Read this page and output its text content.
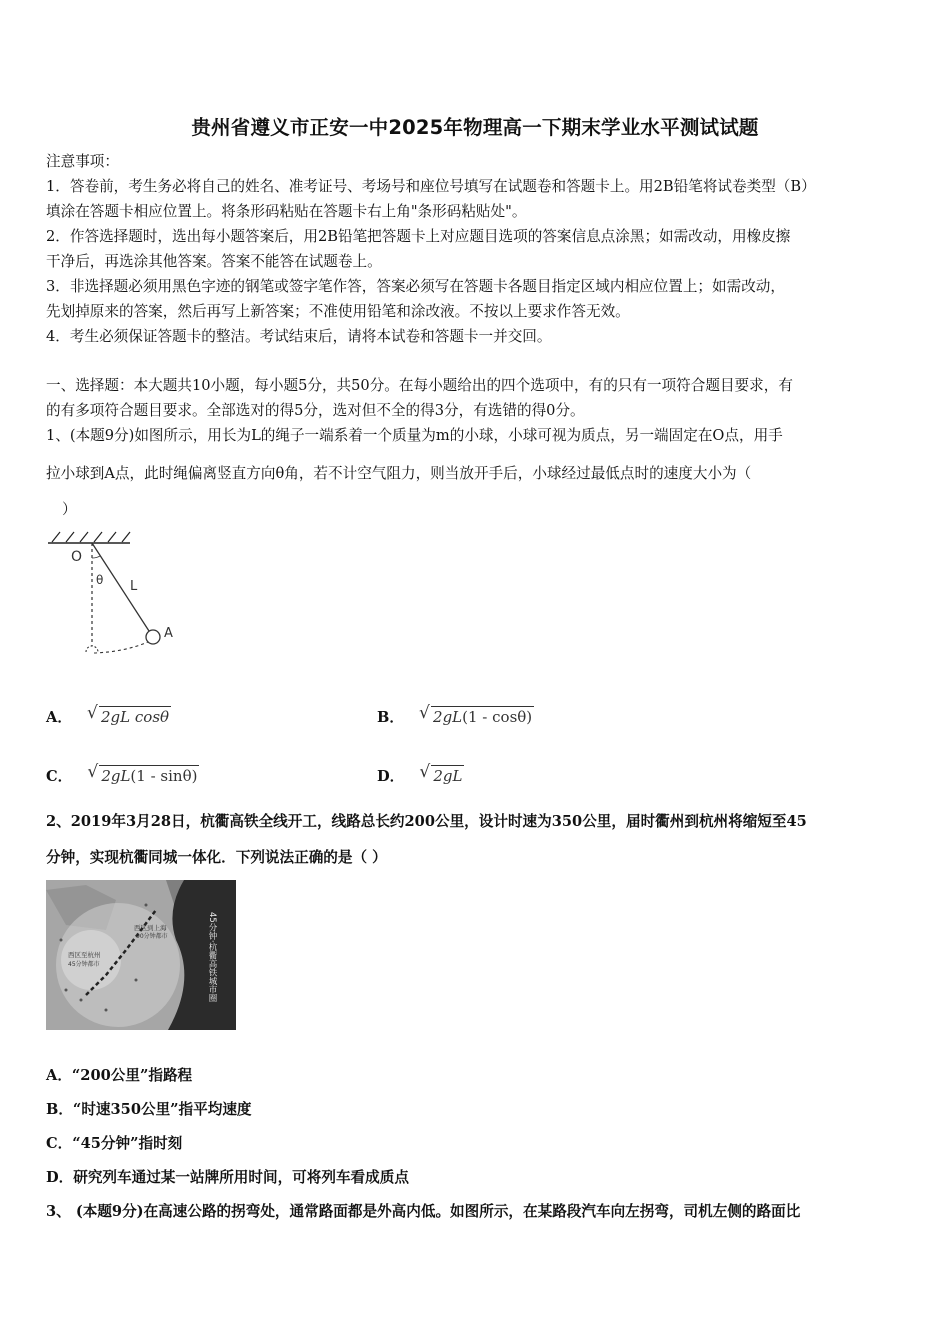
贵州省遵义市正安一中2025年物理高一下期末学业水平测试试题
注意事项：
1．答卷前，考生务必将自己的姓名、准考证号、考场号和座位号填写在试题卷和答题卡上。用2B铅笔将试卷类型（B）
填涂在答题卡相应位置上。将条形码粘贴在答题卡右上角"条形码粘贴处"。
2．作答选择题时，选出每小题答案后，用2B铅笔把答题卡上对应题目选项的答案信息点涂黑；如需改动，用橡皮擦
干净后，再选涂其他答案。答案不能答在试题卷上。
3．非选择题必须用黑色字迹的钢笔或签字笔作答，答案必须写在答题卡各题目指定区域内相应位置上；如需改动，
先划掉原来的答案，然后再写上新答案；不准使用铅笔和涂改液。不按以上要求作答无效。
4．考生必须保证答题卡的整洁。考试结束后，请将本试卷和答题卡一并交回。
一、选择题：本大题共10小题，每小题5分，共50分。在每小题给出的四个选项中，有的只有一项符合题目要求，有
的有多项符合题目要求。全部选对的得5分，选对但不全的得3分，有选错的得0分。
1、(本题9分)如图所示，用长为L的绳子一端系着一个质量为m的小球，小球可视为质点，另一端固定在O点，用手
拉小球到A点，此时绳偏离竖直方向θ角，若不计空气阻力，则当放开手后，小球经过最低点时的速度大小为（
）
O
θ L
A
A． √ 2gL cosθ	B． √ 2gL(1 - cosθ)
C． √ 2gL(1 - sinθ)	D． √ 2gL
2、2019年3月28日，杭衢高铁全线开工，线路总长约200公里，设计时速为350公里，届时衢州到杭州将缩短至45
分钟，实现杭衢同城一体化．下列说法正确的是（ ）
西区到上海
90分钟都市
西区至杭州
45分钟都市	45分钟·杭衢高铁城市圈
A．“200公里”指路程
B．“时速350公里”指平均速度
C．“45分钟”指时刻
D．研究列车通过某一站牌所用时间，可将列车看成质点
3、 (本题9分)在高速公路的拐弯处，通常路面都是外高内低。如图所示，在某路段汽车向左拐弯，司机左侧的路面比
